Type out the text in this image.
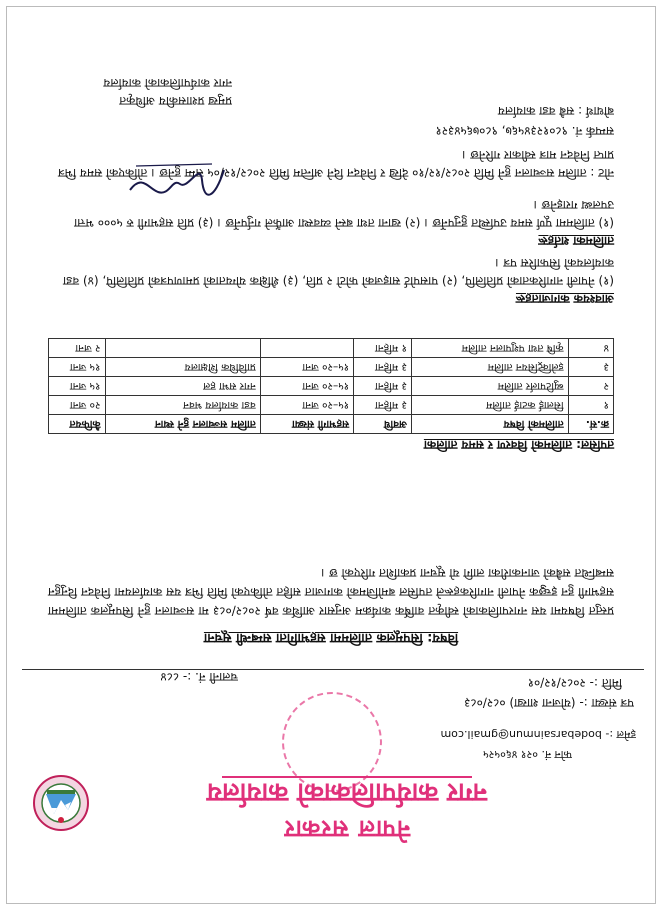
नेपाल सरकार
नगर कार्यपालिकाको कार्यालय
फोन नं. ०२१ ४६०५२५
इमेल :- bodebarsainmun@gmail.com
पत्र संख्या :- (योजना शाखा) ०८२/०८३
चलानी नं. :- ८८४	मिति :- २०८२/१२/०१
विषय: सिपमूलक तालिममा सहभागिता सम्बन्धी सूचना
प्रस्तुत विषयमा यस नगरपालिकाको स्वीकृत वार्षिक कार्यक्रम अनुसार आर्थिक वर्ष २०८२/०८३ मा सञ्चालन हुने सिपमूलक तालिममा सहभागी हुन इच्छुक नेपाली नागरिकहरूले तपसिल बमोजिमको कागजात सहित तोकिएको मिति भित्र यस कार्यालयमा निवेदन दिनुहुन सम्बन्धित सबैको जानकारीका लागि यो सूचना प्रकाशित गरिएको छ ।
तपसिल: तालिमको विवरण र समय तालिका
क्र.सं.	तालिमको विषय	अवधि	सहभागी संख्या	तालिम सञ्चालन हुने स्थान	कैफियत
१	सिलाई कटाई तालिम	३ महिना	१५–२० जना	वडा कार्यालय भवन	२० जना
२	ब्युटिपार्लर तालिम	३ महिना	१५–२० जना	नगर सभा हल	१५ जना
३	इलेक्ट्रिसियन तालिम	३ महिना	१५–२० जना	प्राविधिक शिक्षालय	१५ जना
४	कृषि तथा पशुपालन तालिम	१ महिना			२ जना
आवश्यक कागजातहरू
(१) नेपाली नागरिकताको प्रतिलिपि, (२) पासपोर्ट साइजको फोटो २ प्रति, (३) शैक्षिक योग्यताको प्रमाणपत्रको प्रतिलिपि, (४) वडा कार्यालयको सिफारिस पत्र ।
तालिमका शर्तहरू
(१) तालिममा पूर्ण समय उपस्थित हुनुपर्नेछ । (२) खाना तथा बस्ने व्यवस्था आफैंले गर्नुपर्नेछ । (३) प्रति सहभागी रु ५००० भत्ता उपलब्ध गराइनेछ ।
नोट : तालिम सञ्चालन हुने मिति २०८२/१२/१० देखि र निवेदन दिने अन्तिम मिति २०८२/१२/०५ सम्म हुनेछ । तोकिएको समय भित्र प्राप्त निवेदन मात्र स्वीकार गरिनेछ ।
सम्पर्क नं. ९८०१२३४५६७, ९८०७६५४३२१
बोधार्थ : सबै वडा कार्यालय
प्रमुख प्रशासकीय अधिकृत
नगर कार्यपालिकाको कार्यालय
